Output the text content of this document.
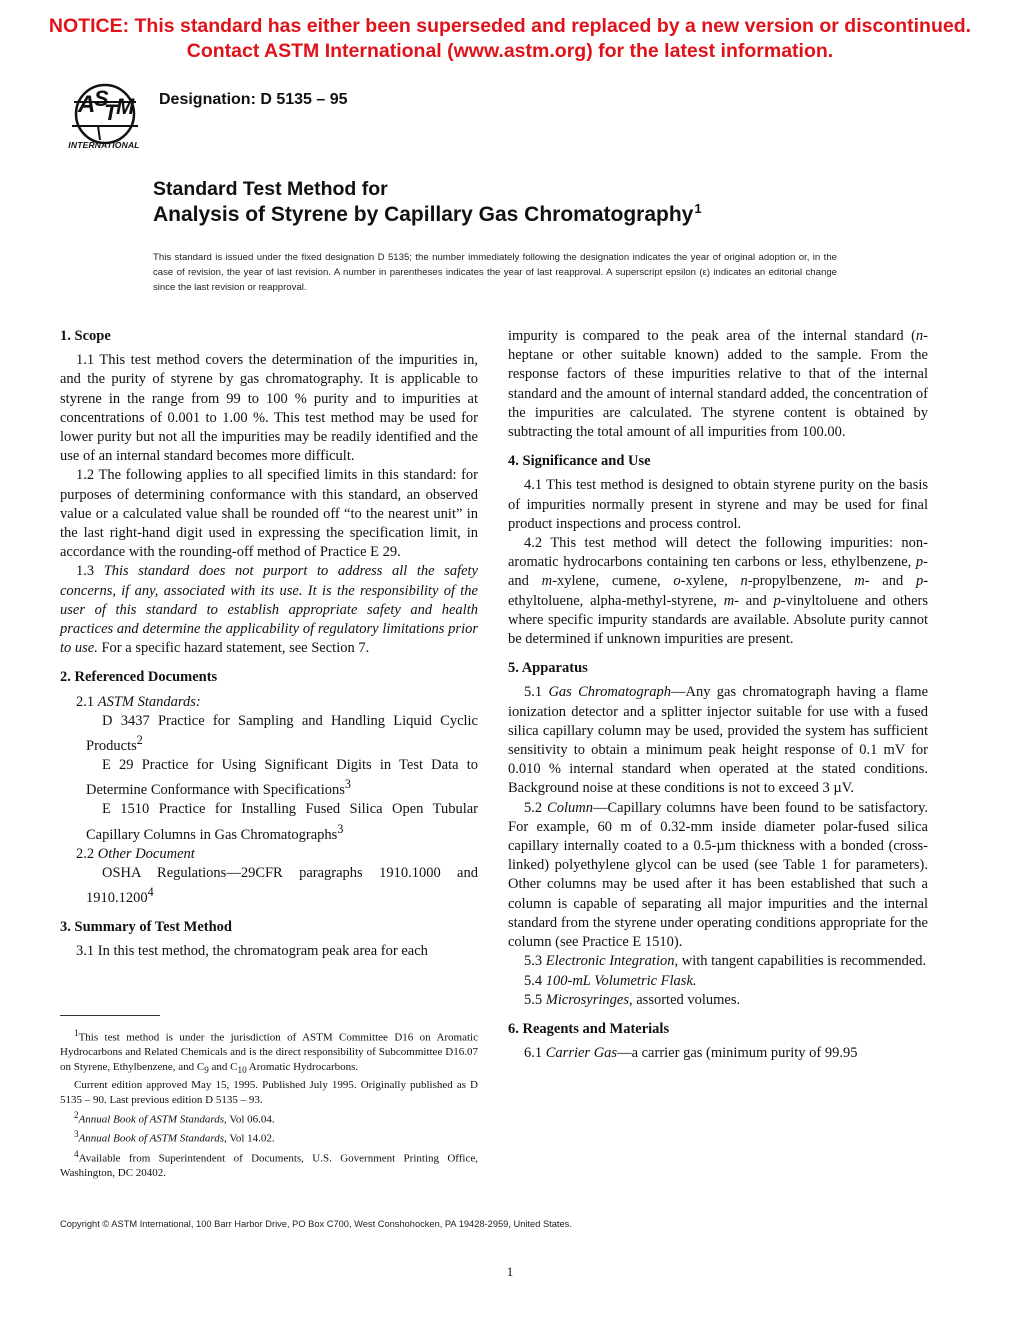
NOTICE: This standard has either been superseded and replaced by a new version or discontinued.
Contact ASTM International (www.astm.org) for the latest information.
A
S
T
M
INTERNATIONAL
Designation: D 5135 – 95
Standard Test Method for
Analysis of Styrene by Capillary Gas Chromatography$^1$
This standard is issued under the fixed designation D 5135; the number immediately following the designation indicates the year of original adoption or, in the case of revision, the year of last revision. A number in parentheses indicates the year of last reapproval. A superscript epsilon (ε) indicates an editorial change since the last revision or reapproval.
1. Scope

1.1 This test method covers the determination of the impurities in, and the purity of styrene by gas chromatography. It is applicable to styrene in the range from 99 to 100 % purity and to impurities at concentrations of 0.001 to 1.00 %. This test method may be used for lower purity but not all the impurities may be readily identified and the use of an internal standard becomes more difficult.

1.2 The following applies to all specified limits in this standard: for purposes of determining conformance with this standard, an observed value or a calculated value shall be rounded off “to the nearest unit” in the last right-hand digit used in expressing the specification limit, in accordance with the rounding-off method of Practice E 29.

1.3 This standard does not purport to address all the safety concerns, if any, associated with its use. It is the responsibility of the user of this standard to establish appropriate safety and health practices and determine the applicability of regulatory limitations prior to use. For a specific hazard statement, see Section 7.

2. Referenced Documents

2.1 ASTM Standards:

D 3437 Practice for Sampling and Handling Liquid Cyclic Products$^2$

E 29 Practice for Using Significant Digits in Test Data to Determine Conformance with Specifications$^3$

E 1510 Practice for Installing Fused Silica Open Tubular Capillary Columns in Gas Chromatographs$^3$

2.2 Other Document

OSHA Regulations—29CFR paragraphs 1910.1000 and 1910.1200$^4$

3. Summary of Test Method

3.1 In this test method, the chromatogram peak area for each

impurity is compared to the peak area of the internal standard (n-heptane or other suitable known) added to the sample. From the response factors of these impurities relative to that of the internal standard and the amount of internal standard added, the concentration of the impurities are calculated. The styrene content is obtained by subtracting the total amount of all impurities from 100.00.

4. Significance and Use

4.1 This test method is designed to obtain styrene purity on the basis of impurities normally present in styrene and may be used for final product inspections and process control.

4.2 This test method will detect the following impurities: non-aromatic hydrocarbons containing ten carbons or less, ethylbenzene, p- and m-xylene, cumene, o-xylene, n-propylbenzene, m- and p-ethyltoluene, alpha-methyl-styrene, m- and p-vinyltoluene and others where specific impurity standards are available. Absolute purity cannot be determined if unknown impurities are present.

5. Apparatus

5.1 Gas Chromatograph—Any gas chromatograph having a flame ionization detector and a splitter injector suitable for use with a fused silica capillary column may be used, provided the system has sufficient sensitivity to obtain a minimum peak height response of 0.1 mV for 0.010 % internal standard when operated at the stated conditions. Background noise at these conditions is not to exceed 3 µV.

5.2 Column—Capillary columns have been found to be satisfactory. For example, 60 m of 0.32-mm inside diameter polar-fused silica capillary internally coated to a 0.5-µm thickness with a bonded (cross-linked) polyethylene glycol can be used (see Table 1 for parameters). Other columns may be used after it has been established that such a column is capable of separating all major impurities and the internal standard from the styrene under operating conditions appropriate for the column (see Practice E 1510).

5.3 Electronic Integration, with tangent capabilities is recommended.

5.4 100-mL Volumetric Flask.

5.5 Microsyringes, assorted volumes.

6. Reagents and Materials

6.1 Carrier Gas—a carrier gas (minimum purity of 99.95

$^1$This test method is under the jurisdiction of ASTM Committee D16 on Aromatic Hydrocarbons and Related Chemicals and is the direct responsibility of Subcommittee D16.07 on Styrene, Ethylbenzene, and $C_9$ and $C_{10}$ Aromatic Hydrocarbons.

Current edition approved May 15, 1995. Published July 1995. Originally published as D 5135 – 90. Last previous edition D 5135 – 93.

$^2$Annual Book of ASTM Standards, Vol 06.04.

$^3$Annual Book of ASTM Standards, Vol 14.02.

$^4$Available from Superintendent of Documents, U.S. Government Printing Office, Washington, DC 20402.

Copyright © ASTM International, 100 Barr Harbor Drive, PO Box C700, West Conshohocken, PA 19428-2959, United States.
1
